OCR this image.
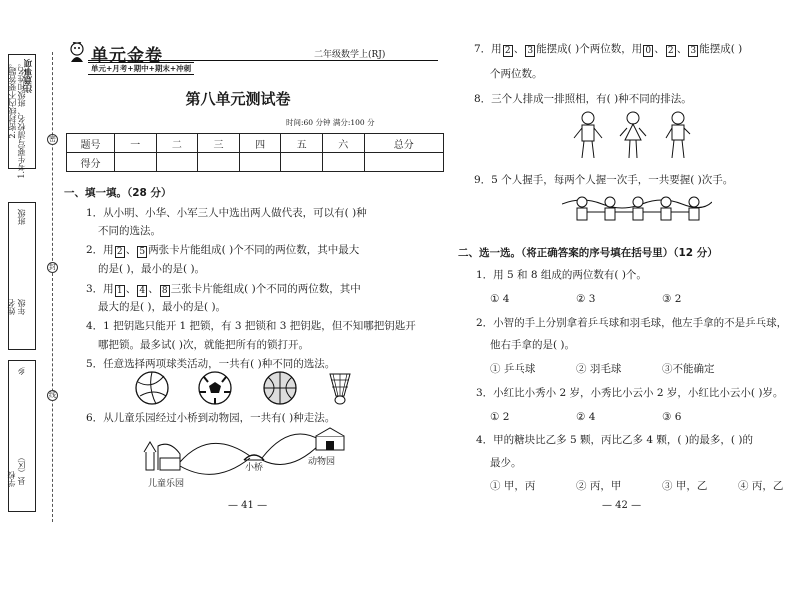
注意事项
1.考生要写清校名、班级和姓名。
2.密封线内不要答题。
班级
年级
姓名
乡
县（区）
学校
密
封
线
单元金卷	二年级数学上(RJ)
单元+月考+期中+期末+冲刺
第八单元测试卷
时间:60 分钟 满分:100 分
题号	一	二	三	四	五	六	总分
得分							
一、填一填。（28 分）
1．从小明、小华、小军三人中选出两人做代表，可以有( )种
不同的选法。
2．用 2 、 5 两张卡片能组成( )个不同的两位数，其中最大
的是( )，最小的是( )。
3．用 1 、 4 、 8 三张卡片能组成( )个不同的两位数，其中
最大的是( )，最小的是( )。
4．1 把钥匙只能开 1 把锁，有 3 把锁和 3 把钥匙，但不知哪把钥匙开
哪把锁。最多试( )次，就能把所有的锁打开。
5．任意选择两项球类活动，一共有( )种不同的选法。
6．从儿童乐园经过小桥到动物园，一共有( )种走法。
小桥
动物园
儿童乐园
— 41 —
7．用 2 、 3 能摆成( )个两位数，用 0 、 2 、 3 能摆成( )
个两位数。
8．三个人排成一排照相，有( )种不同的排法。
9．5 个人握手，每两个人握一次手，一共要握( )次手。
二、选一选。（将正确答案的序号填在括号里）（12 分）
1．用 5 和 8 组成的两位数有( )个。
① 4	② 3	③ 2
2．小智的手上分别拿着乒乓球和羽毛球，他左手拿的不是乒乓球，
他右手拿的是( )。
① 乒乓球	② 羽毛球	③不能确定
3．小红比小秀小 2 岁，小秀比小云小 2 岁，小红比小云小( )岁。
① 2	② 4	③ 6
4．甲的糖块比乙多 5 颗，丙比乙多 4 颗，( )的最多，( )的
最少。
① 甲，丙	② 丙，甲	③ 甲，乙	④ 丙，乙
— 42 —
